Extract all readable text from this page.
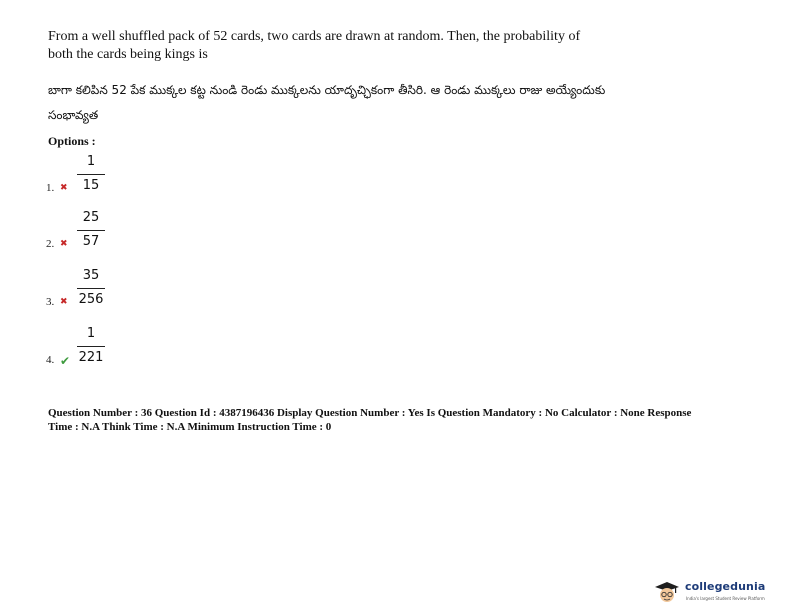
From a well shuffled pack of 52 cards, two cards are drawn at random. Then, the probability of both the cards being kings is
బాగా కలిపిన 52 పేక ముక్కల కట్ట నుండి రెండు ముక్కలను యాదృచ్ఛికంగా తీసిరి. ఆ రెండు ముక్కలు రాజు అయ్యేందుకు సంభావ్యత
Options :
1. ✖
1
15
2. ✖
25
57
3. ✖
35
256
4. ✔
1
221
Question Number : 36 Question Id : 4387196436 Display Question Number : Yes Is Question Mandatory : No Calculator : None Response
Time : N.A Think Time : N.A Minimum Instruction Time : 0
collegedunia
India's largest Student Review Platform
